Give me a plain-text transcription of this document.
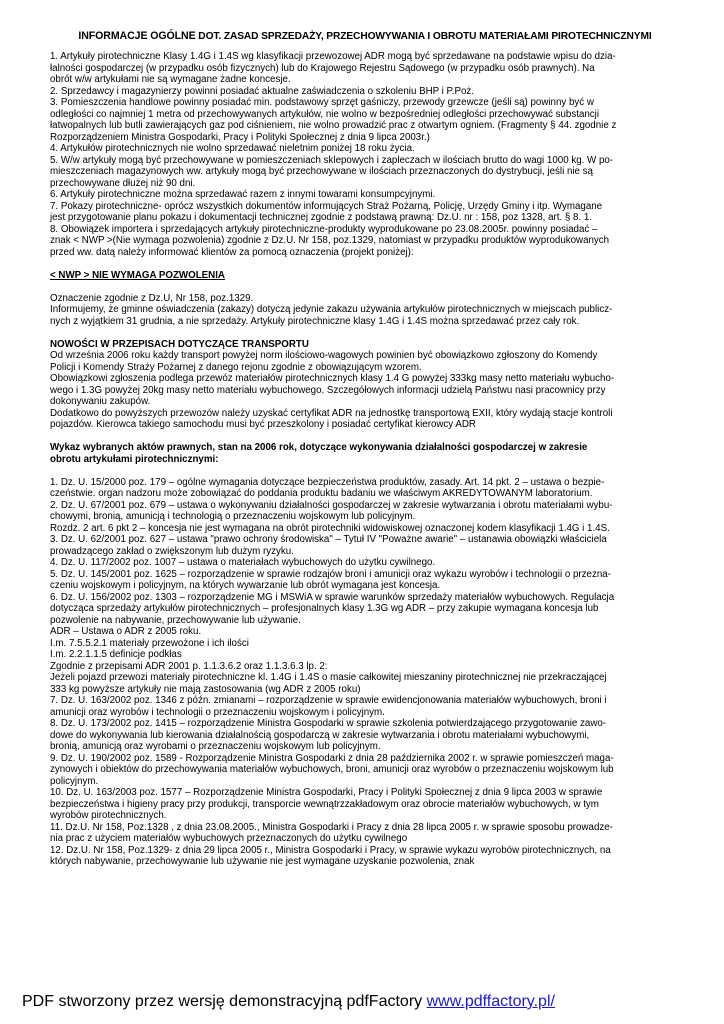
INFORMACJE OGÓLNE DOT. ZASAD SPRZEDAŻY, PRZECHOWYWANIA I OBROTU MATERIAŁAMI PIROTECHNICZNYMI

1. Artykuły pirotechniczne Klasy 1.4G i 1.4S wg klasyfikacji przewozowej ADR mogą być sprzedawane na podstawie wpisu do dzia-

łalności gospodarczej (w przypadku osób fizycznych) lub do Krajowego Rejestru Sądowego (w przypadku osób prawnych). Na

obrót w/w artykułami nie są wymagane żadne koncesje.

2. Sprzedawcy i magazynierzy powinni posiadać aktualne zaświadczenia o szkoleniu BHP i P.Poż.

3. Pomieszczenia handlowe powinny posiadać min. podstawowy sprzęt gaśniczy, przewody grzewcze (jeśli są) powinny być w

odległości co najmniej 1 metra od przechowywanych artykułów, nie wolno w bezpośredniej odległości przechowywać substancji

łatwopalnych lub butli zawierających gaz pod ciśnieniem, nie wolno prowadzić prac z otwartym ogniem. (Fragmenty § 44. zgodnie z

Rozporządzeniem Ministra Gospodarki, Pracy i Polityki Społecznej z dnia 9 lipca 2003r.)

4. Artykułów pirotechnicznych nie wolno sprzedawać nieletnim poniżej 18 roku życia.

5. W/w artykuły mogą być przechowywane w pomieszczeniach sklepowych i zapleczach w ilościach brutto do wagi 1000 kg. W po-

mieszczeniach magazynowych ww. artykuły mogą być przechowywane w ilościach przeznaczonych do dystrybucji, jeśli nie są

przechowywane dłużej niż 90 dni.

6. Artykuły pirotechniczne można sprzedawać razem z innymi towarami konsumpcyjnymi.

7. Pokazy pirotechniczne- oprócz wszystkich dokumentów informujących Straż Pożarną, Policję, Urzędy Gminy i itp. Wymagane

jest przygotowanie planu pokazu i dokumentacji technicznej zgodnie z podstawą prawną: Dz.U. nr : 158, poz 1328, art. § 8. 1.

8. Obowiązek importera i sprzedających artykuły pirotechniczne-produkty wyprodukowane po 23.08.2005r. powinny posiadać –

znak < NWP >(Nie wymaga pozwolenia) zgodnie z Dz.U. Nr 158, poz.1329, natomiast w przypadku produktów wyprodukowanych

przed ww. datą należy informować klientów za pomocą oznaczenia (projekt poniżej):

< NWP > NIE WYMAGA POZWOLENIA

Oznaczenie zgodnie z Dz.U, Nr 158, poz.1329.

Informujemy, że gminne oświadczenia (zakazy) dotyczą jedynie zakazu używania artykułów pirotechnicznych w miejscach publicz-

nych z wyjątkiem 31 grudnia, a nie sprzedaży. Artykuły pirotechniczne klasy 1.4G i 1.4S można sprzedawać przez cały rok.

NOWOŚCI W PRZEPISACH DOTYCZĄCE TRANSPORTU

Od września 2006 roku każdy transport powyżej norm ilościowo-wagowych powinien być obowiązkowo zgłoszony do Komendy

Policji i Komendy Straży Pożarnej z danego rejonu zgodnie z obowiązującym wzorem.

Obowiązkowi zgłoszenia podlega przewóz materiałów pirotechnicznych klasy 1.4 G powyżej 333kg masy netto materiału wybucho-

wego i 1.3G powyżej 20kg masy netto materiału wybuchowego. Szczegółowych informacji udzielą Państwu nasi pracownicy przy

dokonywaniu zakupów.

Dodatkowo do powyższych przewozów należy uzyskać certyfikat ADR na jednostkę transportową EXII, który wydają stacje kontroli

pojazdów. Kierowca takiego samochodu musi być przeszkolony i posiadać certyfikat kierowcy ADR

Wykaz wybranych aktów prawnych, stan na 2006 rok, dotyczące wykonywania działalności gospodarczej w zakresie

obrotu artykułami pirotechnicznymi:

1. Dz. U. 15/2000 poz. 179 – ogólne wymagania dotyczące bezpieczeństwa produktów, zasady. Art. 14 pkt. 2 – ustawa o bezpie-

czeństwie. organ nadzoru może zobowiązać do poddania produktu badaniu we właściwym AKREDYTOWANYM laboratorium.

2. Dz. U. 67/2001 poz. 679 – ustawa o wykonywaniu działalności gospodarczej w zakresie wytwarzania i obrotu materiałami wybu-

chowymi, bronią, amunicją i technologią o przeznaczeniu wojskowym lub policyjnym.

Rozdz. 2 art. 6 pkt 2 – koncesja nie jest wymagana na obrót pirotechniki widowiskowej oznaczonej kodem klasyfikacji 1.4G i 1.4S.

3. Dz. U. 62/2001 poz. 627 – ustawa "prawo ochrony środowiska" – Tytuł IV "Poważne awarie" – ustanawia obowiązki właściciela

prowadzącego zakład o zwiększonym lub dużym ryzyku.

4. Dz. U. 117/2002 poz. 1007 – ustawa o materiałach wybuchowych do użytku cywilnego.

5. Dz. U. 145/2001 poz. 1625 – rozporządzenie w sprawie rodzajów broni i amunicji oraz wykazu wyrobów i technologii o przezna-

czeniu wojskowym i policyjnym, na których wywarzanie lub obrót wymagana jest koncesja.

6. Dz. U. 156/2002 poz. 1303 – rozporządzenie MG i MSWiA w sprawie warunków sprzedaży materiałów wybuchowych. Regulacja

dotycząca sprzedaży artykułów pirotechnicznych – profesjonalnych klasy 1.3G wg ADR – przy zakupie wymagana koncesja lub

pozwolenie na nabywanie, przechowywanie lub używanie.

ADR – Ustawa o ADR z 2005 roku.

I.m. 7.5.5.2.1 materiały przewożone i ich ilości

I.m. 2.2.1.1.5 definicje podkłas

Zgodnie z przepisami ADR 2001 p. 1.1.3.6.2 oraz 1.1.3.6.3 lp. 2:

Jeżeli pojazd przewozi materiały pirotechniczne kl. 1.4G i 1.4S o masie całkowitej mieszaniny pirotechnicznej nie przekraczającej

333 kg powyższe artykuły nie mają zastosowania (wg ADR z 2005 roku)

7. Dz. U. 163/2002 poz. 1346 z późn. zmianami – rozporządzenie w sprawie ewidencjonowania materiałów wybuchowych, broni i

amunicji oraz wyrobów i technologii o przeznaczeniu wojskowym i policyjnym.

8. Dz. U. 173/2002 poz. 1415 – rozporządzenie Ministra Gospodarki w sprawie szkolenia potwierdzającego przygotowanie zawo-

dowe do wykonywania lub kierowania działalnością gospodarczą w zakresie wytwarzania i obrotu materiałami wybuchowymi,

bronią, amunicją oraz wyrobami o przeznaczeniu wojskowym lub policyjnym.

9. Dz. U. 190/2002 poz. 1589 - Rozporządzenie Ministra Gospodarki z dnia 28 października 2002 r. w sprawie pomieszczeń maga-

zynowych i obiektów do przechowywania materiałów wybuchowych, broni, amunicji oraz wyrobów o przeznaczeniu wojskowym lub

policyjnym.

10. Dz. U. 163/2003 poz. 1577 – Rozporządzenie Ministra Gospodarki, Pracy i Polityki Społecznej z dnia 9 lipca 2003 w sprawie

bezpieczeństwa i higieny pracy przy produkcji, transporcie wewnątrzzakładowym oraz obrocie materiałów wybuchowych, w tym

wyrobów pirotechnicznych.

11. Dz.U. Nr 158, Poz.1328 , z dnia 23.08.2005., Ministra Gospodarki i Pracy z dnia 28 lipca 2005 r. w sprawie sposobu prowadze-

nia prac z użyciem materiałów wybuchowych przeznaczonych do użytku cywilnego

12. Dz.U. Nr 158, Poz.1329- z dnia 29 lipca 2005 r., Ministra Gospodarki i Pracy, w sprawie wykazu wyrobów pirotechnicznych, na

których nabywanie, przechowywanie lub używanie nie jest wymagane uzyskanie pozwolenia, znak

PDF stworzony przez wersję demonstracyjną pdfFactory www.pdffactory.pl/
